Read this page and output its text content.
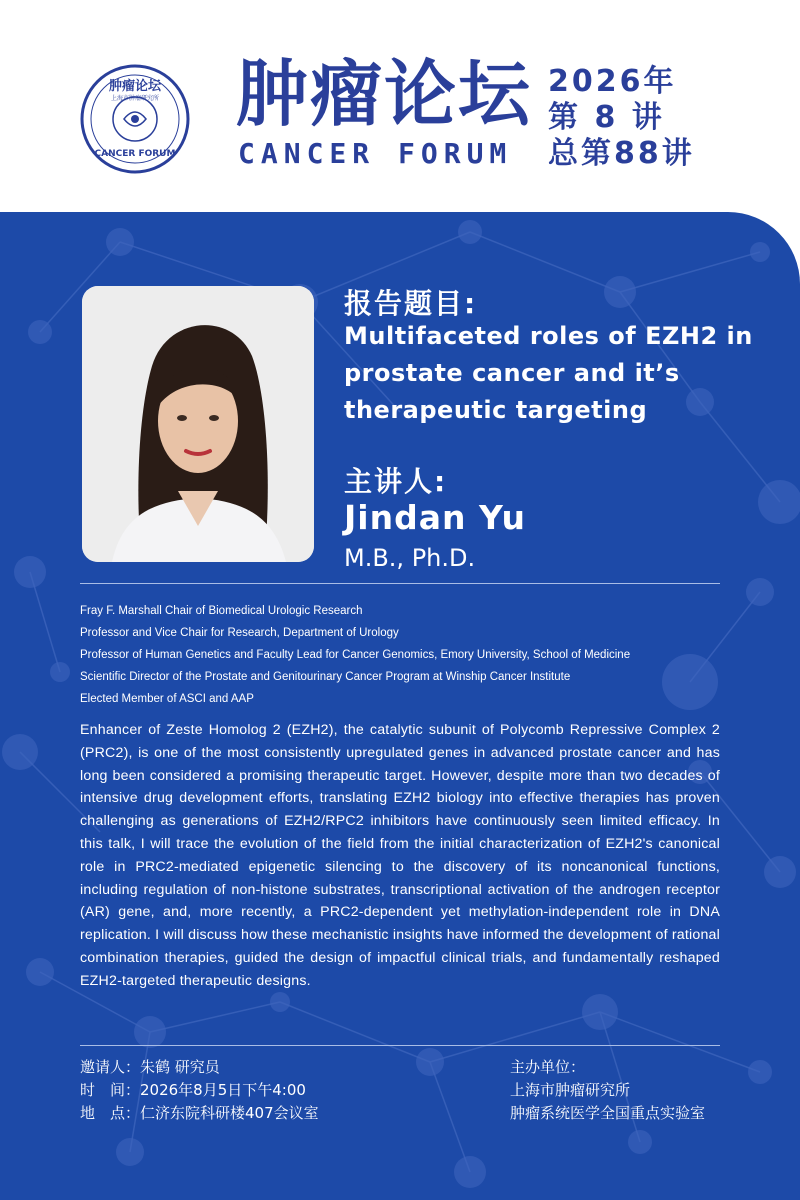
肿瘤论坛
上海市肿瘤研究所
CANCER FORUM
肿瘤论坛
CANCER FORUM
2026年
第 8 讲
总第88讲
报告题目:
Multifaceted roles of EZH2 in prostate cancer and it’s therapeutic targeting
主讲人:
Jindan Yu
M.B., Ph.D.
Fray F. Marshall Chair of Biomedical Urologic Research
Professor and Vice Chair for Research, Department of Urology
Professor of Human Genetics and Faculty Lead for Cancer Genomics, Emory University, School of Medicine
Scientific Director of the Prostate and Genitourinary Cancer Program at Winship Cancer Institute
Elected Member of ASCI and AAP
Enhancer of Zeste Homolog 2 (EZH2), the catalytic subunit of Polycomb Repressive Complex 2 (PRC2), is one of the most consistently upregulated genes in advanced prostate cancer and has long been considered a promising therapeutic target. However, despite more than two decades of intensive drug development efforts, translating EZH2 biology into effective therapies has proven challenging as generations of EZH2/RPC2 inhibitors have continuously seen limited efficacy. In this talk, I will trace the evolution of the field from the initial characterization of EZH2's canonical role in PRC2-mediated epigenetic silencing to the discovery of its noncanonical functions, including regulation of non-histone substrates, transcriptional activation of the androgen receptor (AR) gene, and, more recently, a PRC2-dependent yet methylation-independent role in DNA replication. I will discuss how these mechanistic insights have informed the development of rational combination therapies, guided the design of impactful clinical trials, and fundamentally reshaped EZH2-targeted therapeutic designs.
邀请人：朱鹤 研究员
时　间：2026年8月5日下午4:00
地　点：仁济东院科研楼407会议室
主办单位：
上海市肿瘤研究所
肿瘤系统医学全国重点实验室
